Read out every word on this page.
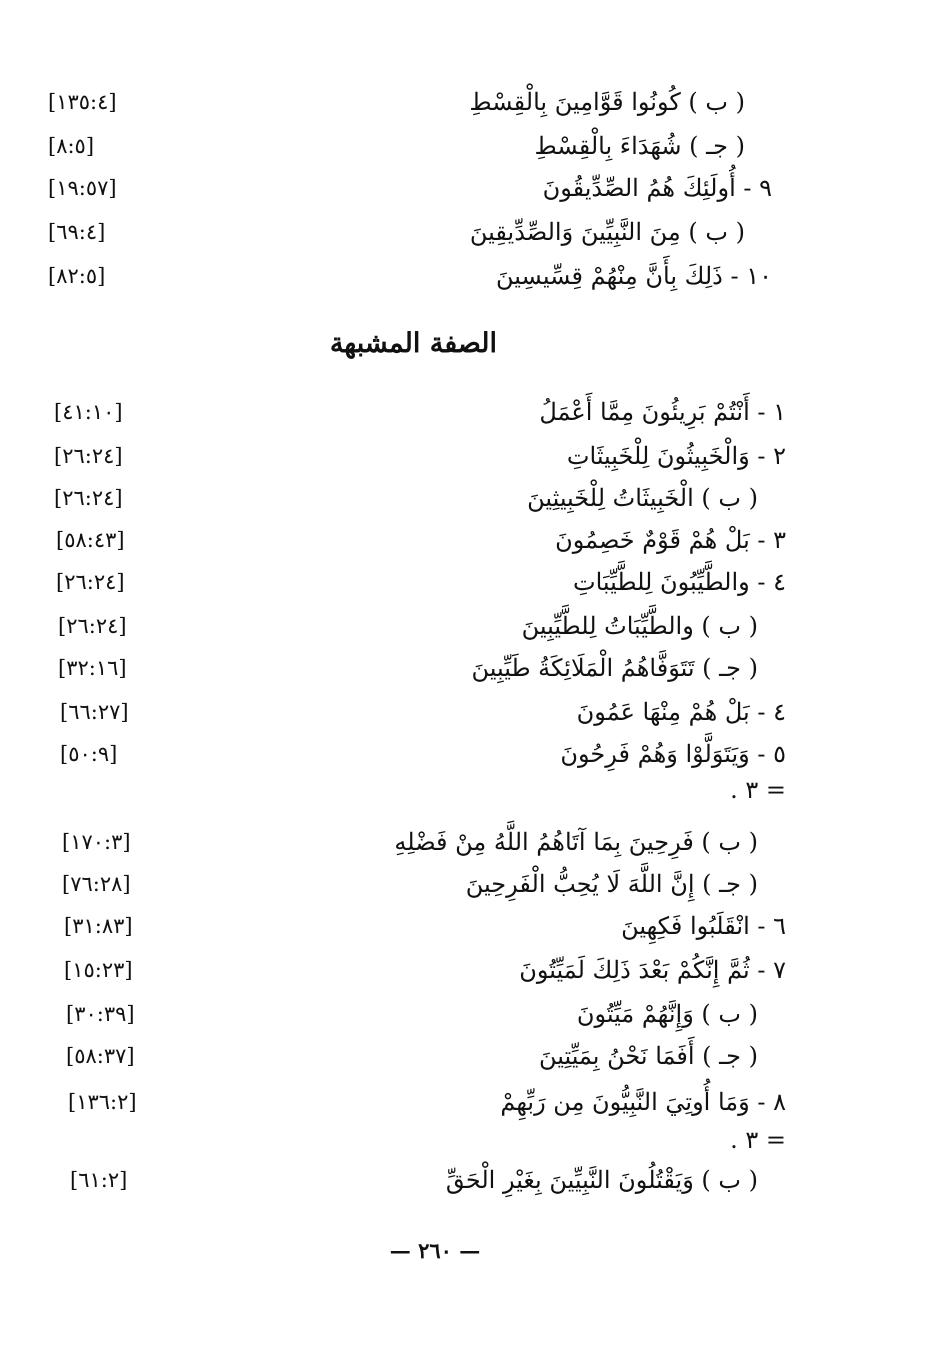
( ب ) كُونُوا قَوَّامِينَ بِالْقِسْطِ
[١٣٥:٤]
( جـ ) شُهَدَاءَ بِالْقِسْطِ
[٨:٥]
٩ - أُولَئِكَ هُمُ الصِّدِّيقُونَ
[١٩:٥٧]
( ب ) مِنَ النَّبِيِّينَ وَالصِّدِّيقِينَ
[٦٩:٤]
١٠ - ذَلِكَ بِأَنَّ مِنْهُمْ قِسِّيسِينَ
[٨٢:٥]
الصفة المشبهة
١ - أَنْتُمْ بَرِيئُونَ مِمَّا أَعْمَلُ
[٤١:١٠]
٢ - وَالْخَبِيثُونَ لِلْخَبِيثَاتِ
[٢٦:٢٤]
( ب ) الْخَبِيثَاتُ لِلْخَبِيثِينَ
[٢٦:٢٤]
٣ - بَلْ هُمْ قَوْمٌ خَصِمُونَ
[٥٨:٤٣]
٤ - والطَّيِّبُونَ لِلطَّيِّبَاتِ
[٢٦:٢٤]
( ب ) والطَّيِّبَاتُ لِلطَّيِّبِينَ
[٢٦:٢٤]
( جـ ) تَتَوَفَّاهُمُ الْمَلَائِكَةُ طَيِّبِينَ
[٣٢:١٦]
٤ - بَلْ هُمْ مِنْهَا عَمُونَ
[٦٦:٢٧]
٥ - وَيَتَوَلَّوْا وَهُمْ فَرِحُونَ
[٥٠:٩]
= ٣ .
( ب ) فَرِحِينَ بِمَا آتَاهُمُ اللَّهُ مِنْ فَضْلِهِ
[١٧٠:٣]
( جـ ) إِنَّ اللَّهَ لَا يُحِبُّ الْفَرِحِينَ
[٧٦:٢٨]
٦ - انْقَلَبُوا فَكِهِينَ
[٣١:٨٣]
٧ - ثُمَّ إِنَّكُمْ بَعْدَ ذَلِكَ لَمَيِّتُونَ
[١٥:٢٣]
( ب ) وَإِنَّهُمْ مَيِّتُونَ
[٣٠:٣٩]
( جـ ) أَفَمَا نَحْنُ بِمَيِّتِينَ
[٥٨:٣٧]
٨ - وَمَا أُوتِيَ النَّبِيُّونَ مِن رَبِّهِمْ
[١٣٦:٢]
= ٣ .
( ب ) وَيَقْتُلُونَ النَّبِيِّينَ بِغَيْرِ الْحَقِّ
[٦١:٢]
— ٢٦٠ —
